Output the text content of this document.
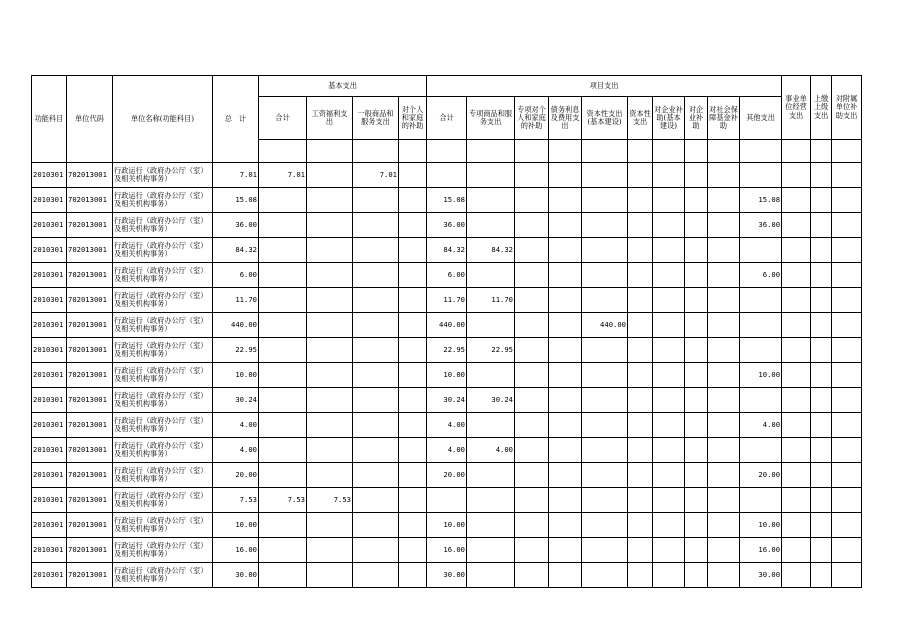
功能科目	单位代码	单位名称(功能科目)	总　计	基本支出				项目支出										事业单位经营支出	上缴上级支出	对附属单位补助支出
				合计	工资福利支出	一般商品和服务支出	对个人和家庭的补助	合计	专项商品和服务支出	专项对个人和家庭的补助	债务利息及费用支出	资本性支出(基本建设)	资本性支出	对企业补助(基本建设)	对企业补助	对社会保障基金补助	其他支出			

2010301	702013001	行政运行（政府办公厅（室）及相关机构事务）	7.01	7.01		7.01														
2010301	702013001	行政运行（政府办公厅（室）及相关机构事务）	15.08					15.08									15.08			
2010301	702013001	行政运行（政府办公厅（室）及相关机构事务）	36.00					36.00									36.00			
2010301	702013001	行政运行（政府办公厅（室）及相关机构事务）	84.32					84.32	84.32											
2010301	702013001	行政运行（政府办公厅（室）及相关机构事务）	6.00					6.00									6.00			
2010301	702013001	行政运行（政府办公厅（室）及相关机构事务）	11.70					11.70	11.70											
2010301	702013001	行政运行（政府办公厅（室）及相关机构事务）	440.00					440.00				440.00								
2010301	702013001	行政运行（政府办公厅（室）及相关机构事务）	22.95					22.95	22.95											
2010301	702013001	行政运行（政府办公厅（室）及相关机构事务）	10.00					10.00									10.00			
2010301	702013001	行政运行（政府办公厅（室）及相关机构事务）	30.24					30.24	30.24											
2010301	702013001	行政运行（政府办公厅（室）及相关机构事务）	4.00					4.00									4.00			
2010301	702013001	行政运行（政府办公厅（室）及相关机构事务）	4.00					4.00	4.00											
2010301	702013001	行政运行（政府办公厅（室）及相关机构事务）	20.00					20.00									20.00			
2010301	702013001	行政运行（政府办公厅（室）及相关机构事务）	7.53	7.53	7.53															
2010301	702013001	行政运行（政府办公厅（室）及相关机构事务）	10.00					10.00									10.00			
2010301	702013001	行政运行（政府办公厅（室）及相关机构事务）	16.00					16.00									16.00			
2010301	702013001	行政运行（政府办公厅（室）及相关机构事务）	30.00					30.00									30.00			
